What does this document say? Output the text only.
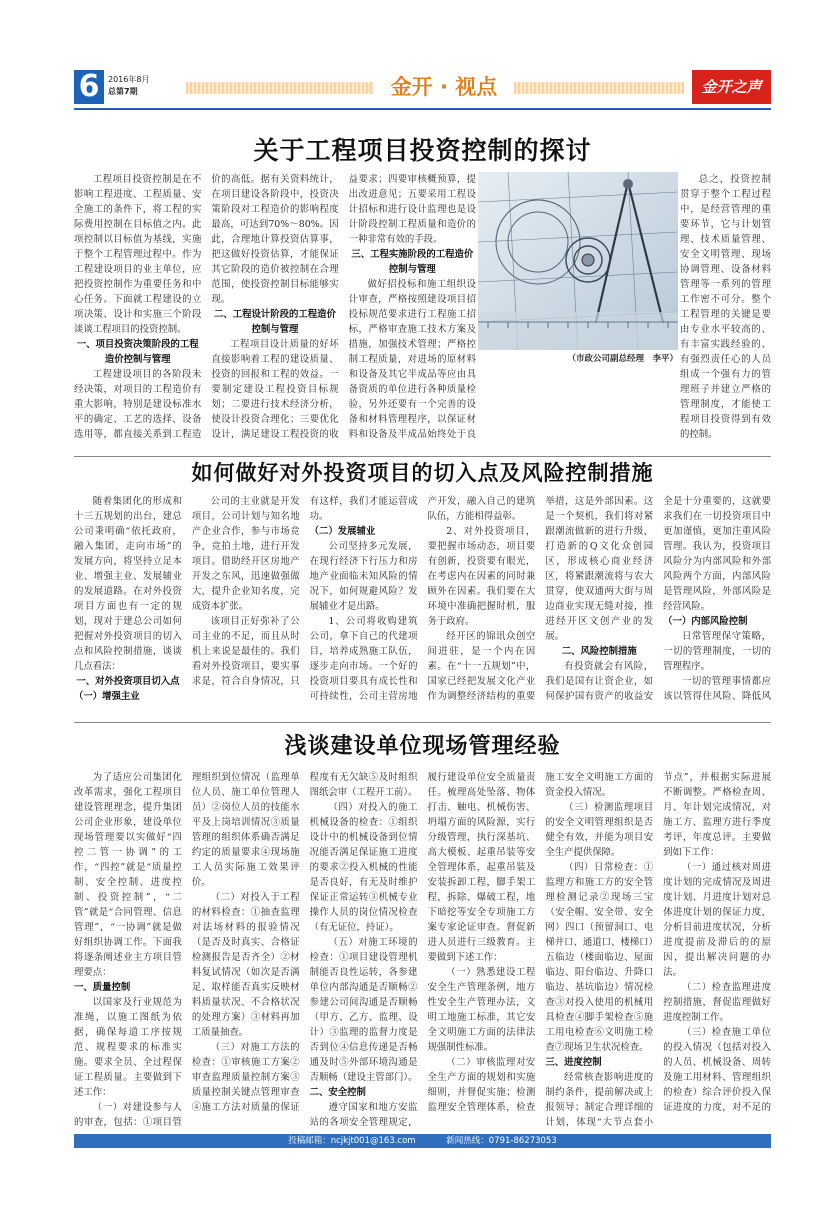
6	2016年8月
总第7期	金开 · 视点	金开之声
关于工程项目投资控制的探讨

工程项目投资控制是在不影响工程进度、工程质量、安全施工的条件下，将工程的实际费用控制在目标值之内。此项控制以目标值为基线，实施于整个工程管理过程中。作为工程建设项目的业主单位，应把投资控制作为重要任务和中心任务。下面就工程建设的立项决策、设计和实施三个阶段谈谈工程项目的投资控制。

一、项目投资决策阶段的工程造价控制与管理

工程建设项目的各阶段未经决策，对项目的工程造价有重大影响，特别是建设标准水平的确定、工艺的选择、设备选用等，都直接关系到工程造价的高低。据有关资料统计，在项目建设各阶段中，投资决策阶段对工程造价的影响程度最高，可达到70%～80%。因此，合理地计算投资估算事，把这做好投资估算，才能保证其它阶段的造价被控制在合理范围，使投资控制目标能够实现。

二、工程设计阶段的工程造价控制与管理

工程项目设计质量的好坏直接影响着工程的建设质量、投资的回报和工程的效益。一要制定建设工程投资目标规划；二要进行技术经济分析，使设计投资合理化；三要优化设计，满足建设工程投资的收益要求；四要审核概预算，提出改进意见；五要采用工程设计招标和进行设计监理也是设计阶段控制工程质量和造价的一种非常有效的手段。

三、工程实施阶段的工程造价控制与管理

做好招投标和施工组织设计审查，严格按照建设项目招投标规范要求进行工程施工招标，严格审查施工技术方案及措施，加强技术管理；严格控制工程质量，对进场的原材料和设备及其它半成品等应由具备资质的单位进行各种质量检验，另外还要有一个完善的设备和材料管理程序，以保证材料和设备及半成品始终处于良

总之，投资控制贯穿于整个工程过程中，是经营管理的重要环节，它与计划管理、技术质量管理、安全文明管理、现场协调管理、设备材料管理等一系列的管理工作密不可分。整个工程管理的关键是要由专业水平较高的、有丰富实践经验的、有强烈责任心的人员组成一个强有力的管理班子并建立严格的管理制度，才能使工程项目投资得到有效的控制。

（市政公司副总经理　李平）

如何做好对外投资项目的切入点及风险控制措施

随着集团化的形成和十三五规划的出台，建总公司秉明确“依托政府，融入集团，走向市场”的发展方向，将坚持立足本业、增强主业、发展辅业的发展道路。在对外投资项目方面也有一定的规划，现对于建总公司如何把握对外投资项目的切入点和风险控制措施，谈谈几点看法：

一、对外投资项目切入点

（一）增强主业

公司的主业就是开发项目，公司计划与知名地产企业合作，参与市场竞争，竞拍土地，进行开发项目。借助经开区房地产开发之东风，迅速做强做大，提升企业知名度，完成资本扩张。

该项目正好弥补了公司主业的不足，而且从时机上来说是最佳的。我们看对外投资项目，要实事求是，符合自身情况，只有这样，我们才能运营成功。

（二）发展辅业

公司坚持多元发展，在现行经济下行压力和房地产业面临未知风险的情况下，如何规避风险？发展辅业才是出路。

1、公司将收购建筑公司，拿下自己的代建项目，培养成熟施工队伍，逐步走向市场。一个好的投资项目要具有成长性和可持续性，公司主营房地产开发，融入自己的建筑队伍，方能相得益彰。

2、对外投资项目，要把握市场动态，项目要有创新，投资要有眼光，在考虑内在因素的同时兼顾外在因素。我们要在大环境中准确把握时机，服务于政府。

经开区的锦讯众创空间进驻，是一个内在因素。在“十一五规划”中，国家已经把发展文化产业作为调整经济结构的重要举措，这是外部因素。这是一个契机，我们将对紧跟潮流做新的进行升级，打造新的Q文化众创园区，形成核心商业经济区，将紧跟潮流将与农大贯穿，使双通两大街与周边商业实现无缝对接，推进经开区文创产业的发展。

二、风险控制措施

有投资就会有风险，我们是国有让资企业，如何保护国有资产的收益安全是十分重要的，这就要求我们在一切投资项目中更加谨慎，更加注重风险管理。我认为，投资项目风险分为内部风险和外部风险两个方面，内部风险是管理风险，外部风险是经营风险。

（一）内部风险控制

日常管理保守策略，一切的管理制度，一切的管理程序。

一切的管理事情都应该以管得住风险、降低风

浅谈建设单位现场管理经验

为了适应公司集团化改革需求，强化工程项目建设管理理念，提升集团公司企业形象，建设单位现场管理要以实做好“四控二管一协调”的工作，“四控”就是“质量控制、安全控制、进度控制、投资控制”，“二管”就是“合同管理、信息管理”，“一协调”就是做好组织协调工作。下面我将逐条阐述业主方项目管理要点：

一、质量控制

以国家及行业规范为准绳，以施工图纸为依据，确保每道工序按规范、规程要求的标准实施。要求全员、全过程保证工程质量。主要做到下述工作：

（一）对建设参与人的审查，包括：①项目管理组织到位情况（监理单位人员、施工单位管理人员）②岗位人员的技能水平及上岗培训情况③质量管理的组织体系确否满足约定的质量要求④现场施工人员实际施工效果评价。

（二）对投入于工程的材料检查：①抽查监理对法场材料的报验情况（是否及时真实、合格证检测报告是否齐全）②材料复试情况（如次是否满足、取样能否真实反映材料质量状况、不合格状况的处理方案）③材料再加工质量抽查。

（三）对施工方法的检查：①审核施工方案②审查监理质量控制方案③质量控制关键点管理审查④施工方法对质量的保证程度有无欠缺⑤及时组织图纸会审（工程开工前）。

（四）对投入的施工机械设备的检查：①组织设计中的机械设备到位情况能否满足保证施工进度的要求②投入机械的性能是否良好，有无及时维护保证正常运转③机械专业操作人员的岗位情况检查（有无证位，持证）。

（五）对施工环境的检查：①项目建设管理机制能否良性运转，各参建单位内部沟通是否顺畅②参建公司间沟通是否顺畅（甲方、乙方、监理、设计）③监理的监督力度是否到位④信息传递是否畅通及时⑤外部环境沟通是否顺畅（建设主管部门）。

二、安全控制

遵守国家和地方安监站的各项安全管理规定，履行建设单位安全质量责任。梳理高处坠落、物体打击、触电、机械伤害、坍塌方面的风险源，实行分级管理，执行深基坑、高大模板、起重吊装等安全管理体系，起重吊装及安装拆卸工程，脚手架工程，拆除、爆破工程，地下暗挖等安全专项施工方案专家论证审查。督促新进人员进行三级教育。主要做到下述工作：

（一）熟悉建设工程安全生产管理条例，地方性安全生产管理办法，文明工地施工标准，其它安全文明施工方面的法律法规强制性标准。

（二）审核监理对安全生产方面的规划和实施细则，并督促实施；检测监理安全管理体系，检查施工安全文明施工方面的资金投入情况。

（三）检测监理项目的安全文明管理组织是否健全有效，并能为项目安全生产提供保障。

（四）日常检查：①监理方和施工方的安全管理检测记录②现场三宝（安全帽、安全带、安全网）四口（预留洞口、电梯井口、通道口、楼梯口）五临边（楼面临边、屋面临边、阳台临边、升降口临边、基坑临边）情况检查③对投入使用的机械用具检查④脚手架检查⑤施工用电检查⑥文明施工检查⑦现场卫生状况检查。

三、进度控制

经常核查影响进度的制约条件，提前解决或上报领导；制定合理详细的计划，体现“大节点套小节点”，并根据实际进展不断调整。严格检查周、月、年计划完成情况，对施工方、监理方进行季度考评，年度总评。主要做到如下工作：

（一）通过核对周进度计划的完成情况及周进度计划、月进度计划对总体进度计划的保证力度，分析目前进度状况，分析进度提前及滞后的的原因，提出解决问题的办法。

（二）检查监理进度控制措施，督促监理做好进度控制工作。

（三）检查施工单位的投入情况（包括对投入的人员、机械设备、周转及施工用材料、管理组织的检查）综合评价投入保证进度的力度，对不足的

投稿邮箱：ncjkjt001@163.com	新闻热线：0791-86273053
